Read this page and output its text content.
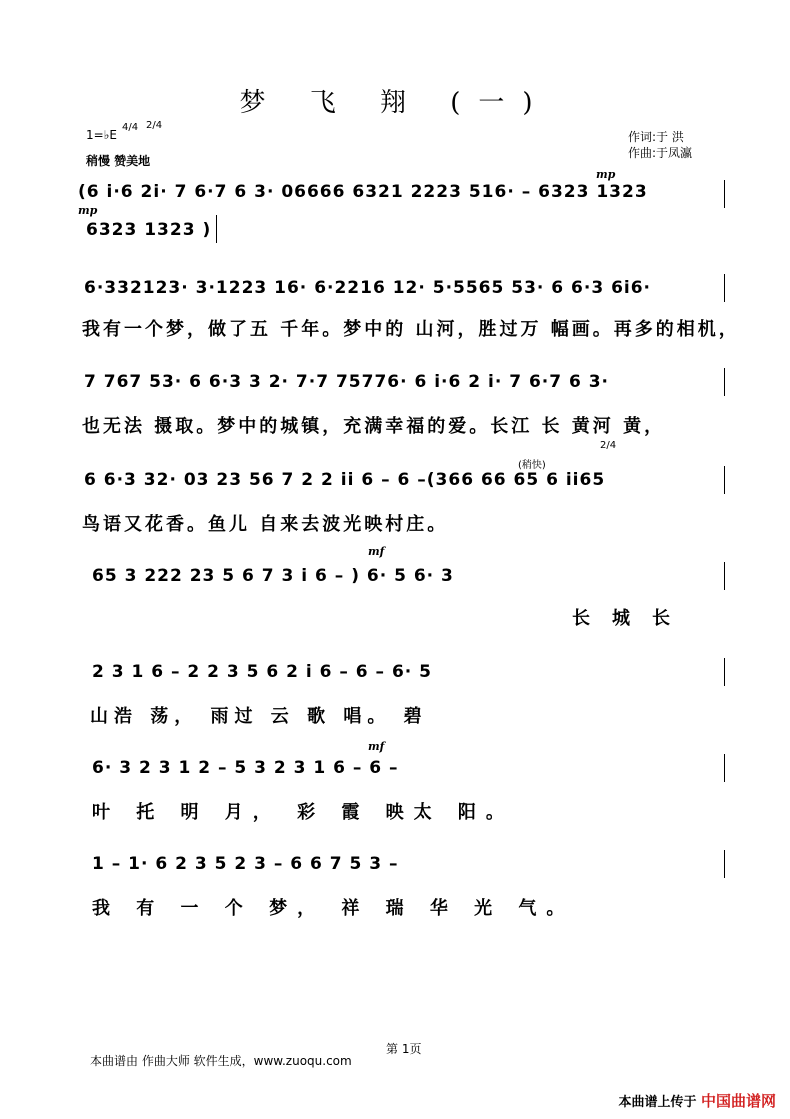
梦 飞 翔 (一)
1=♭E
4/4 2/4
稍慢 赞美地
作词:于 洪
作曲:于凤瀛
mp
mp
mf
mf
(稍快)
2/4
(6 i·6 2i· 7 6·7 6 3· 06666 6321 2223 516· – 6323 1323
6323 1323 )
6·332123· 3·1223 16· 6·2216 12· 5·5565 53· 6 6·3 6i6·
我有一个梦，做了五 千年。梦中的 山河，胜过万 幅画。再多的相机，
7 767 53· 6 6·3 3 2· 7·7 75776· 6 i·6 2 i· 7 6·7 6 3·
也无法 摄取。梦中的城镇，充满幸福的爱。长江 长 黄河 黄，
6 6·3 32· 03 23 56 7 2 2 ii 6 – 6 –(366 66 65 6 ii65
鸟语又花香。鱼儿 自来去波光映村庄。
65 3 222 23 5 6 7 3 i 6 – ) 6· 5 6· 3
长城长
2 3 1 6 – 2 2 3 5 6 2 i 6 – 6 – 6· 5
山浩 荡， 雨过 云 歌 唱。 碧
6· 3 2 3 1 2 – 5 3 2 3 1 6 – 6 –
叶 托 明 月， 彩 霞 映太 阳。
1 – 1· 6 2 3 5 2 3 – 6 6 7 5 3 –
我 有 一 个 梦， 祥 瑞 华 光 气。
第 1页
本曲谱由 作曲大师 软件生成，www.zuoqu.com
本曲谱上传于 中国曲谱网
